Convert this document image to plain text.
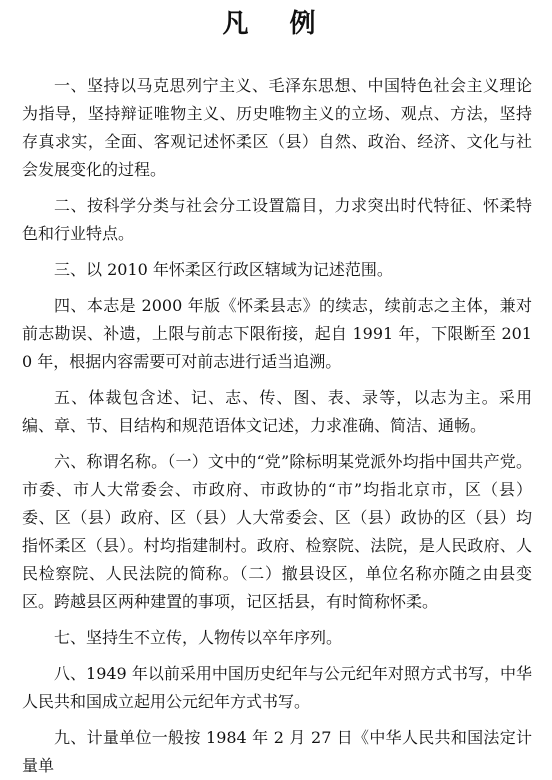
凡 例

一、坚持以马克思列宁主义、毛泽东思想、中国特色社会主义理论为指导，坚持辩证唯物主义、历史唯物主义的立场、观点、方法，坚持存真求实，全面、客观记述怀柔区（县）自然、政治、经济、文化与社会发展变化的过程。

二、按科学分类与社会分工设置篇目，力求突出时代特征、怀柔特色和行业特点。

三、以 2010 年怀柔区行政区辖域为记述范围。

四、本志是 2000 年版《怀柔县志》的续志，续前志之主体，兼对前志勘误、补遗，上限与前志下限衔接，起自 1991 年，下限断至 2010 年，根据内容需要可对前志进行适当追溯。

五、体裁包含述、记、志、传、图、表、录等，以志为主。采用编、章、节、目结构和规范语体文记述，力求准确、简洁、通畅。

六、称谓名称。（一）文中的“党”除标明某党派外均指中国共产党。市委、市人大常委会、市政府、市政协的“市”均指北京市，区（县）委、区（县）政府、区（县）人大常委会、区（县）政协的区（县）均指怀柔区（县）。村均指建制村。政府、检察院、法院，是人民政府、人民检察院、人民法院的简称。（二）撤县设区，单位名称亦随之由县变区。跨越县区两种建置的事项，记区括县，有时简称怀柔。

七、坚持生不立传，人物传以卒年序列。

八、1949 年以前采用中国历史纪年与公元纪年对照方式书写，中华人民共和国成立起用公元纪年方式书写。

九、计量单位一般按 1984 年 2 月 27 日《中华人民共和国法定计量单
